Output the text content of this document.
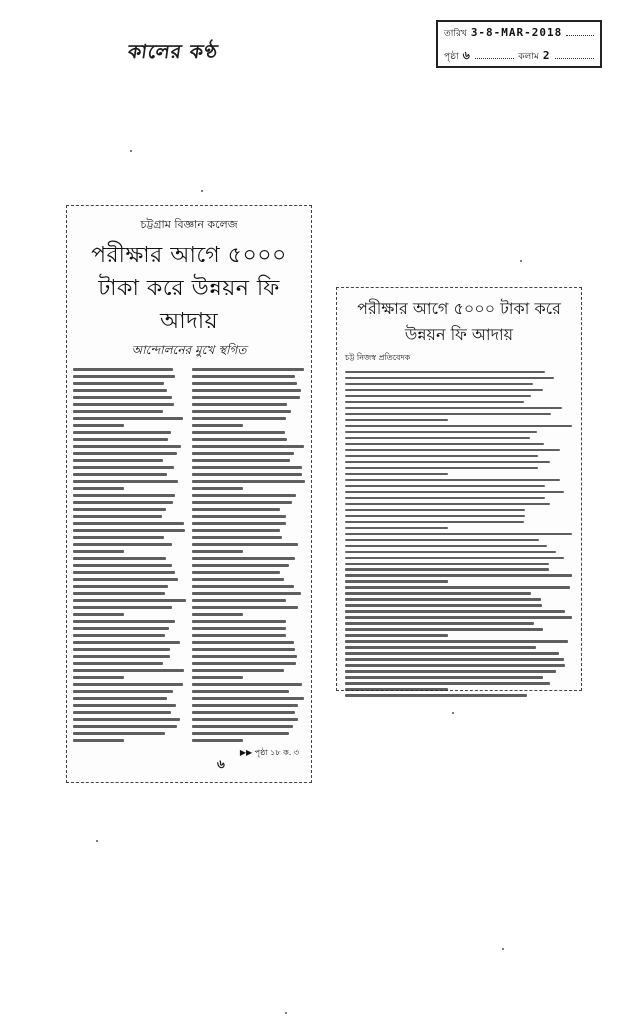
কালের কণ্ঠ
তারিখ 3-8-MAR-2018
পৃষ্ঠা ৬	কলাম 2
চট্টগ্রাম বিজ্ঞান কলেজ
পরীক্ষার আগে ৫০০০ টাকা করে উন্নয়ন ফি আদায়
আন্দোলনের মুখে স্থগিত
▶▶ পৃষ্ঠা ১৮ ক. ৩
৬
পরীক্ষার আগে ৫০০০ টাকা করে উন্নয়ন ফি আদায়
চট্ট নিজস্ব প্রতিবেদক
